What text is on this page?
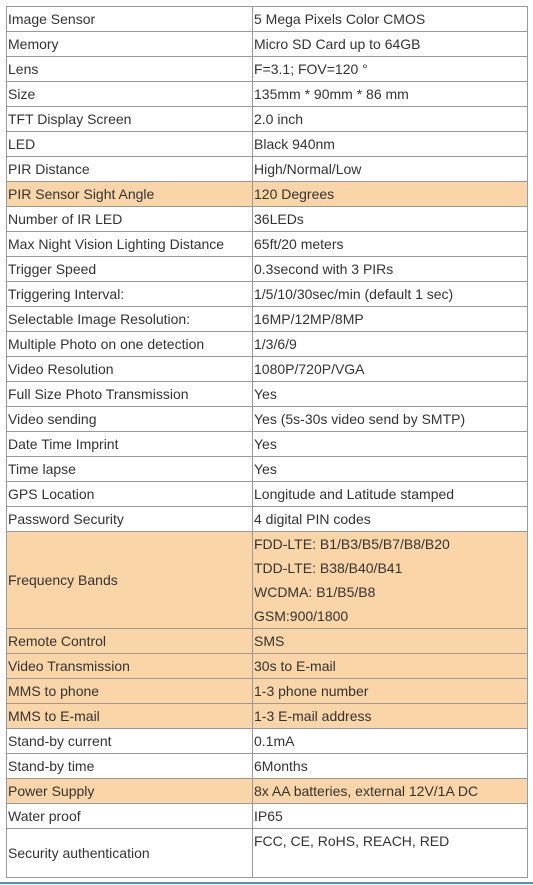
Image Sensor	5 Mega Pixels Color CMOS
Memory	Micro SD Card up to 64GB
Lens	F=3.1; FOV=120 °
Size	135mm * 90mm * 86 mm
TFT Display Screen	2.0 inch
LED	Black 940nm
PIR Distance	High/Normal/Low
PIR Sensor Sight Angle	120 Degrees
Number of IR LED	36LEDs
Max Night Vision Lighting Distance	65ft/20 meters
Trigger Speed	0.3second with 3 PIRs
Triggering Interval:	1/5/10/30sec/min (default 1 sec)
Selectable Image Resolution:	16MP/12MP/8MP
Multiple Photo on one detection	1/3/6/9
Video Resolution	1080P/720P/VGA
Full Size Photo Transmission	Yes
Video sending	Yes (5s-30s video send by SMTP)
Date Time Imprint	Yes
Time lapse	Yes
GPS Location	Longitude and Latitude stamped
Password Security	4 digital PIN codes
Frequency Bands	FDD-LTE: B1/B3/B5/B7/B8/B20
TDD-LTE: B38/B40/B41
WCDMA: B1/B5/B8
GSM:900/1800

Remote Control	SMS
Video Transmission	30s to E-mail
MMS to phone	1-3 phone number
MMS to E-mail	1-3 E-mail address
Stand-by current	0.1mA
Stand-by time	6Months
Power Supply	8x AA batteries, external 12V/1A DC
Water proof	IP65
Security authentication	FCC, CE, RoHS, REACH, RED
